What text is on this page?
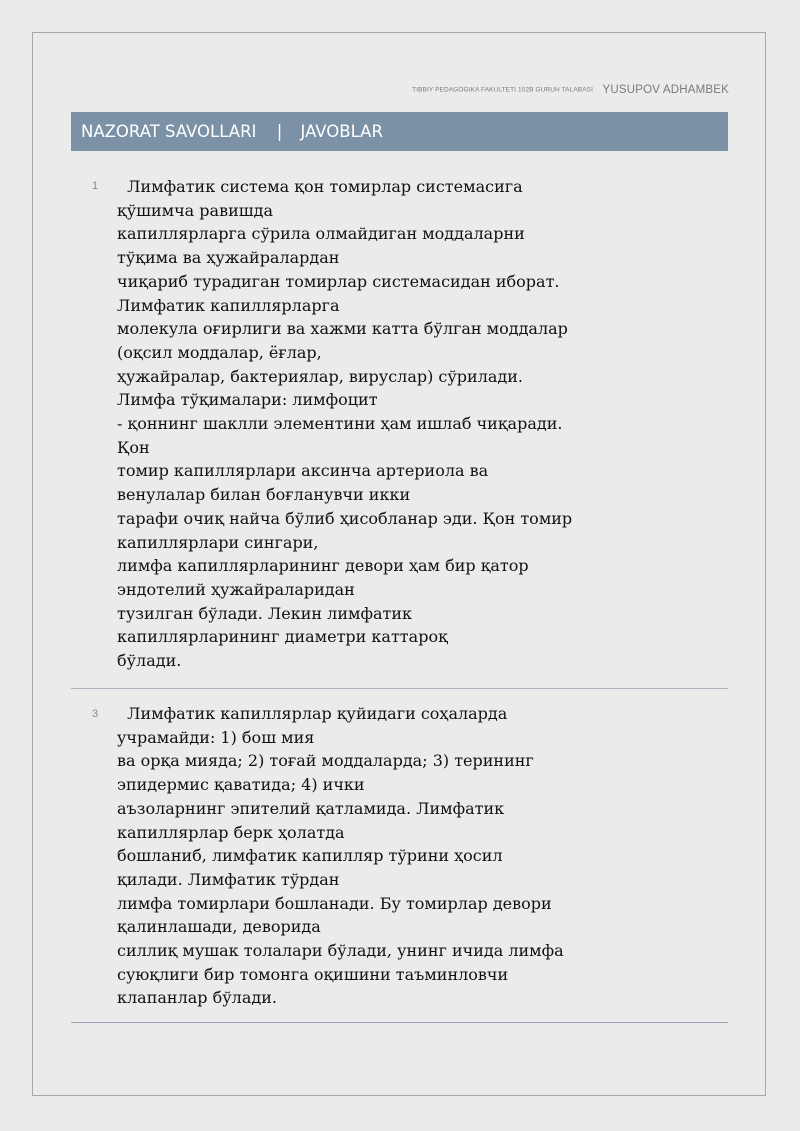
TIBBIY PEDAGOGIKA FAKULTETI 102B GURUH TALABASI YUSUPOV ADHAMBEK
NAZORAT SAVOLLARI | JAVOBLAR
1	Лимфатик система қон томирлар системасига
қўшимча равишда
капиллярларга сўрила олмайдиган моддаларни
тўқима ва ҳужайралардан
чиқариб турадиган томирлар системасидан иборат.
Лимфатик капиллярларга
молекула оғирлиги ва хажми катта бўлган моддалар
(оқсил моддалар, ёғлар,
ҳужайралар, бактериялар, вируслар) сўрилади.
Лимфа тўқималари: лимфоцит
- қоннинг шаклли элементини ҳам ишлаб чиқаради.
Қон
томир капиллярлари аксинча артериола ва
венулалар билан боғланувчи икки
тарафи очиқ найча бўлиб ҳисобланар эди. Қон томир
капиллярлари сингари,
лимфа капиллярларининг девори ҳам бир қатор
эндотелий ҳужайраларидан
тузилган бўлади. Лекин лимфатик
капиллярларининг диаметри каттароқ
бўлади.

3	Лимфатик капиллярлар қуйидаги соҳаларда
учрамайди: 1) бош мия
ва орқа мияда; 2) тоғай моддаларда; 3) терининг
эпидермис қаватида; 4) ички
аъзоларнинг эпителий қатламида. Лимфатик
капиллярлар берк ҳолатда
бошланиб, лимфатик капилляр тўрини ҳосил
қилади. Лимфатик тўрдан
лимфа томирлари бошланади. Бу томирлар девори
қалинлашади, деворида
силлиқ мушак толалари бўлади, унинг ичида лимфа
суюқлиги бир томонга оқишини таъминловчи
клапанлар бўлади.
